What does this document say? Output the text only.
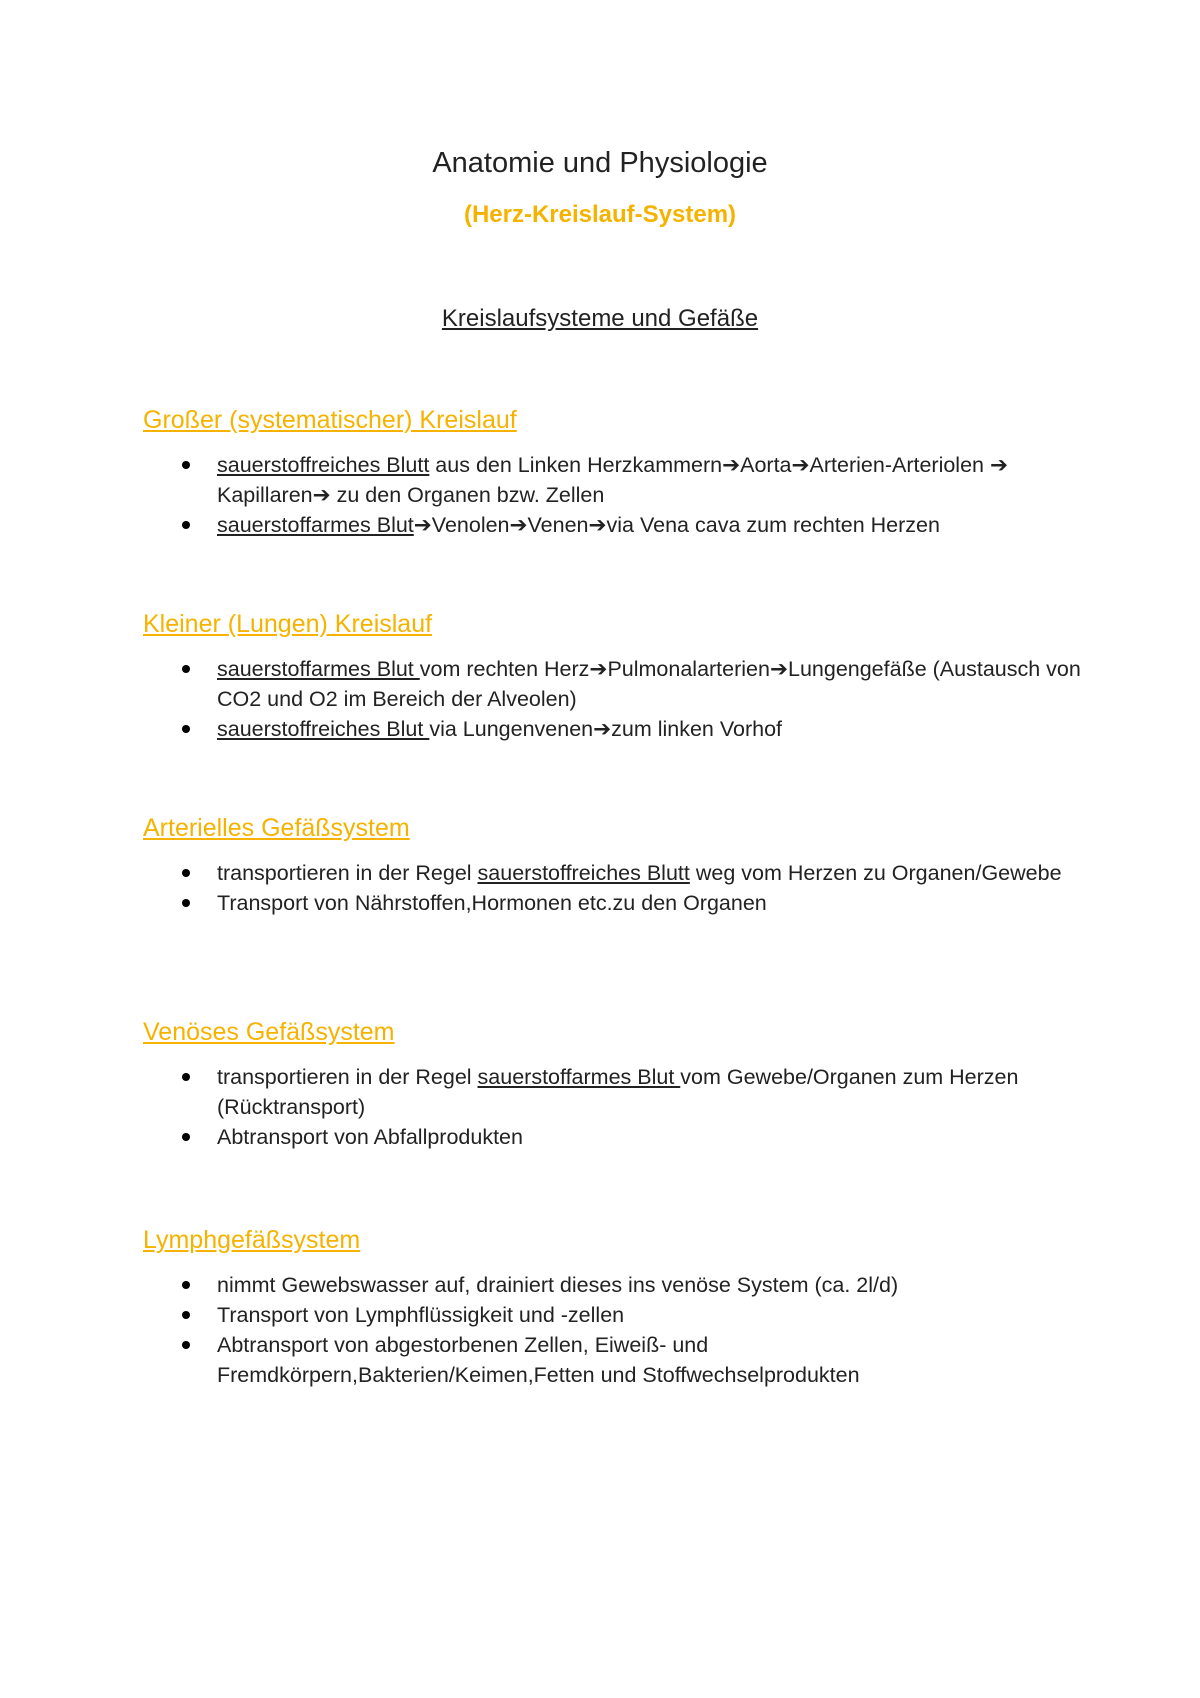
Anatomie und Physiologie
(Herz-Kreislauf-System)
Kreislaufsysteme und Gefäße
Großer (systematischer) Kreislauf
sauerstoffreiches Blutt aus den Linken Herzkammern➔Aorta➔Arterien-Arteriolen ➔ Kapillaren➔ zu den Organen bzw. Zellen
sauerstoffarmes Blut➔Venolen➔Venen➔via Vena cava zum rechten Herzen
Kleiner (Lungen) Kreislauf
sauerstoffarmes Blut vom rechten Herz➔Pulmonalarterien➔Lungengefäße (Austausch von CO2 und O2 im Bereich der Alveolen)
sauerstoffreiches Blut via Lungenvenen➔zum linken Vorhof
Arterielles Gefäßsystem
transportieren in der Regel sauerstoffreiches Blutt weg vom Herzen zu Organen/Gewebe
Transport von Nährstoffen,Hormonen etc.zu den Organen
Venöses Gefäßsystem
transportieren in der Regel sauerstoffarmes Blut vom Gewebe/Organen zum Herzen (Rücktransport)
Abtransport von Abfallprodukten
Lymphgefäßsystem
nimmt Gewebswasser auf, drainiert dieses ins venöse System (ca. 2l/d)
Transport von Lymphflüssigkeit und -zellen
Abtransport von abgestorbenen Zellen, Eiweiß- und Fremdkörpern,Bakterien/Keimen,Fetten und Stoffwechselprodukten
